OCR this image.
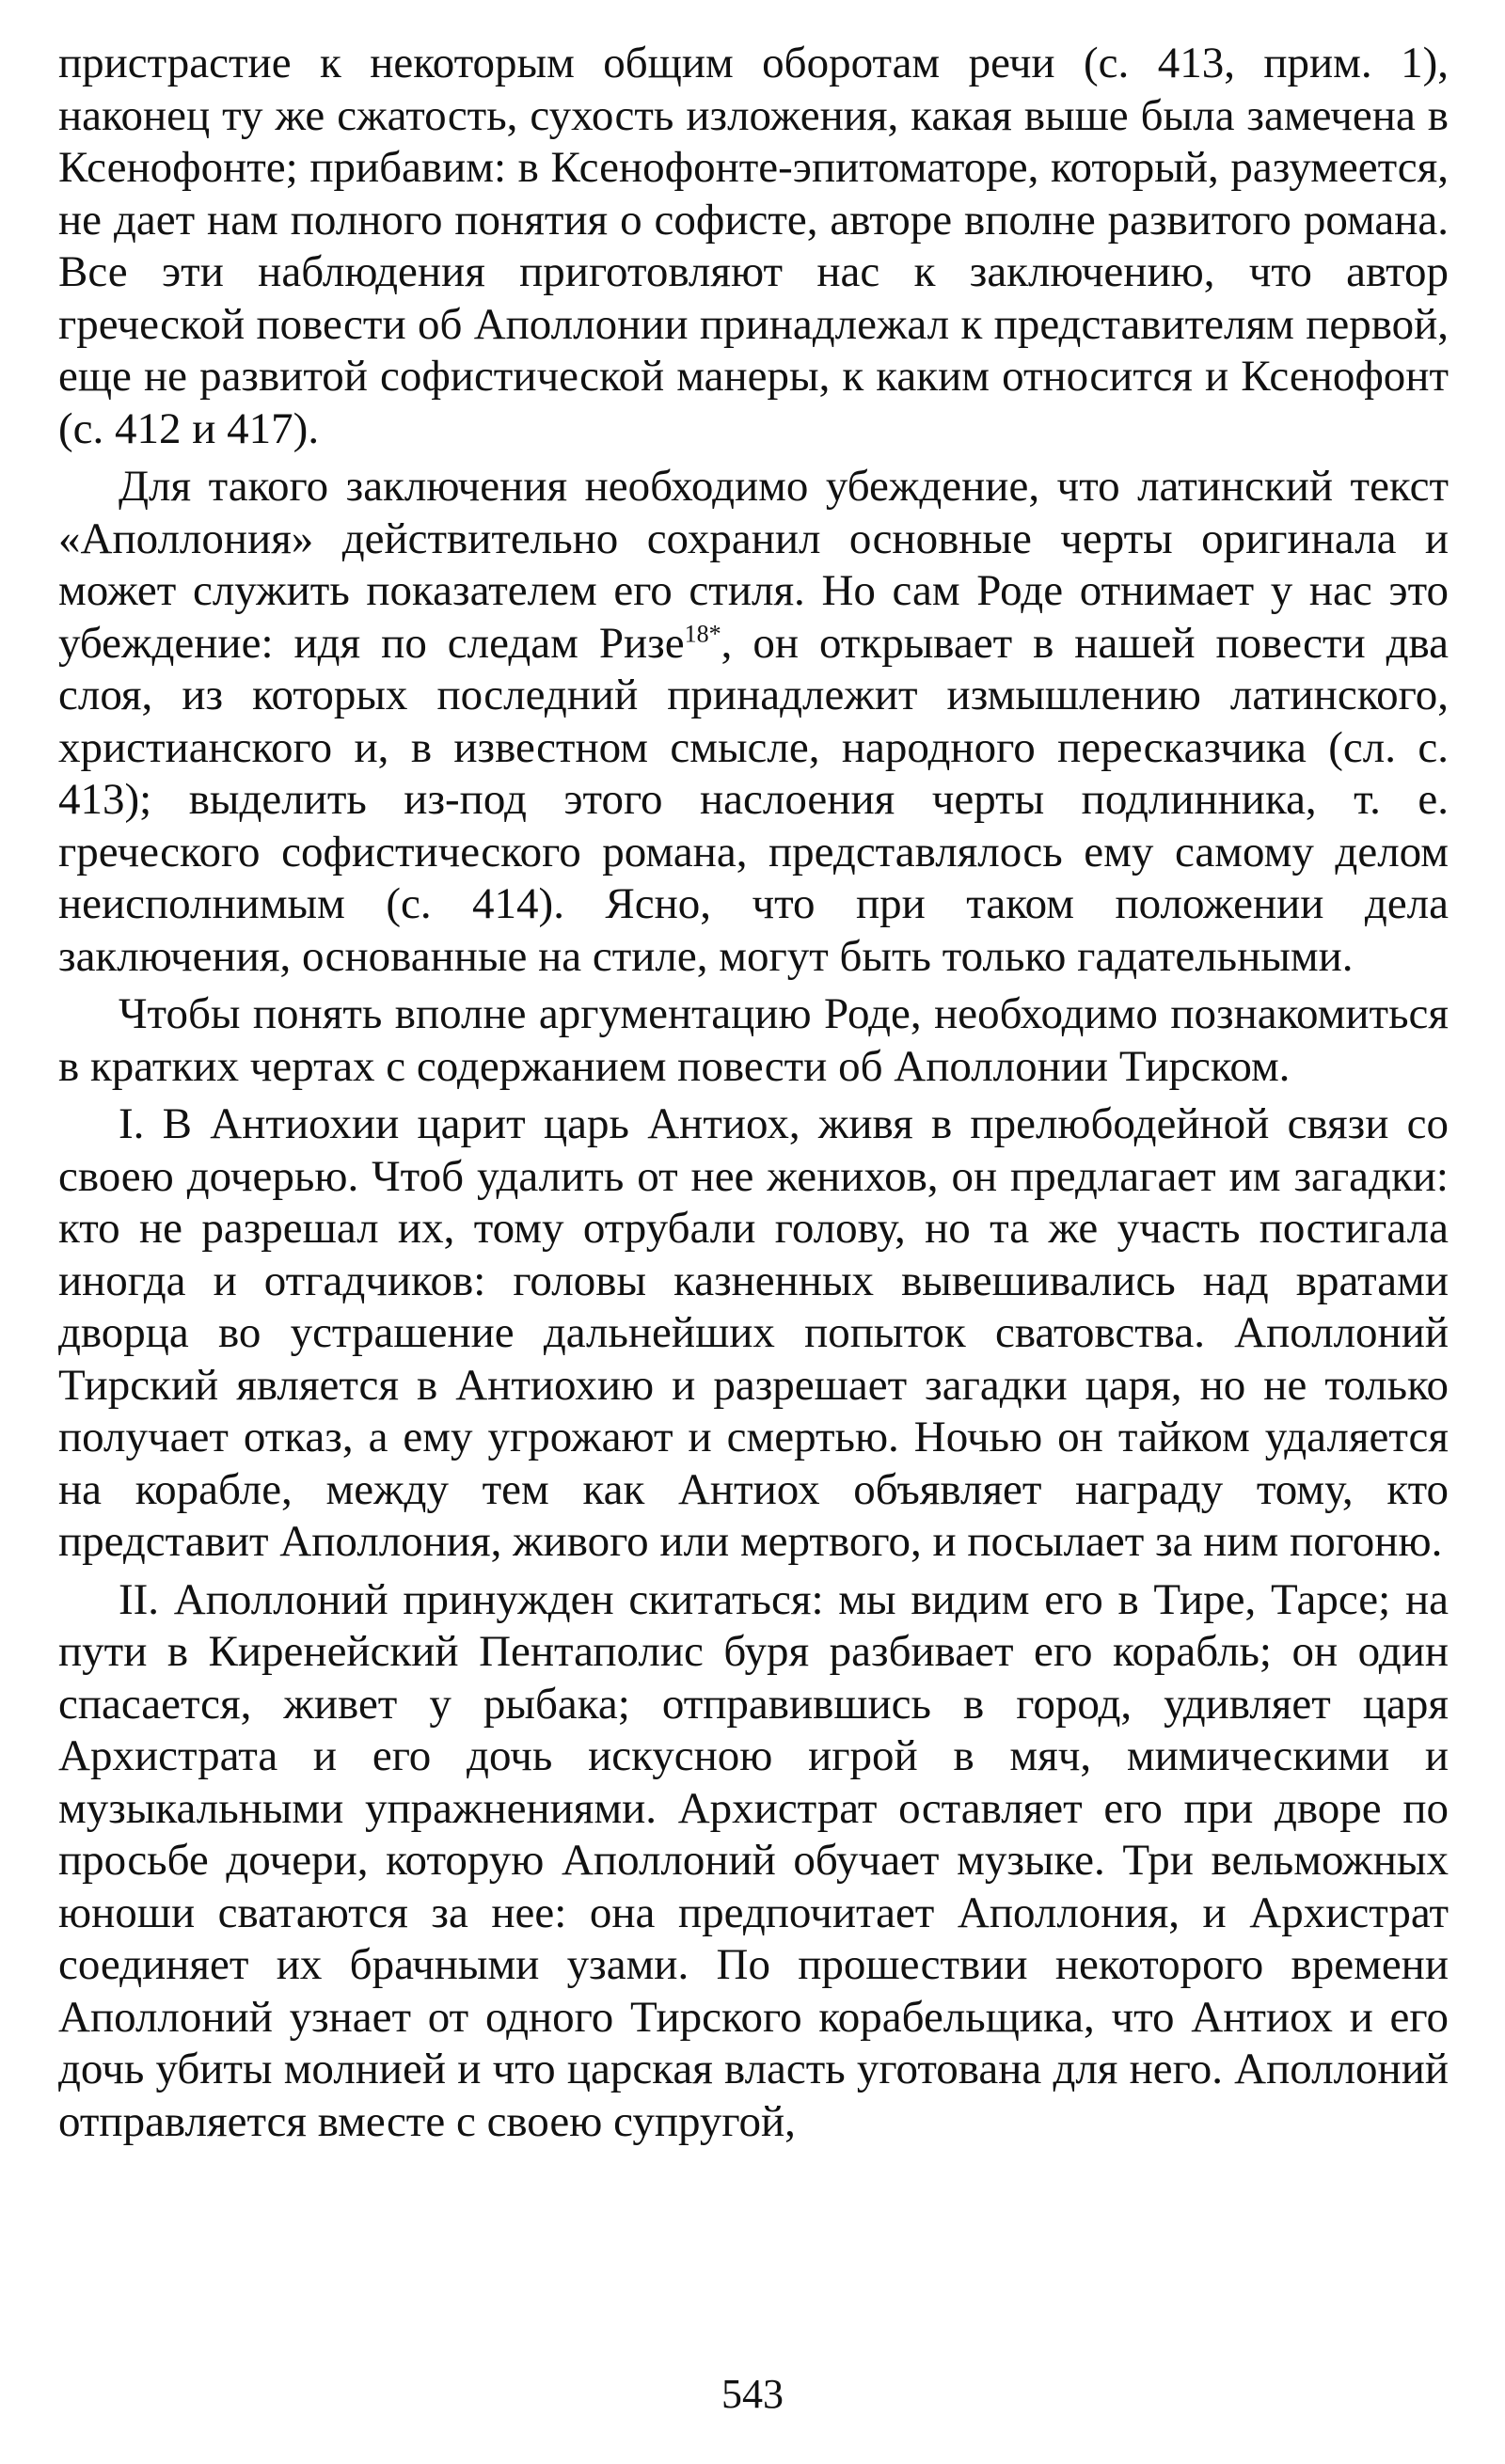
пристрастие к некоторым общим оборотам речи (с. 413, прим. 1), наконец ту же сжатость, сухость изложения, какая выше была замечена в Ксенофонте; прибавим: в Ксенофонте-эпитоматоре, который, разумеется, не дает нам полного понятия о софисте, авторе вполне развитого романа. Все эти наблюдения приготовляют нас к заключению, что автор греческой повести об Аполлонии принадлежал к представителям первой, еще не развитой софистической манеры, к каким относится и Ксенофонт (с. 412 и 417).

Для такого заключения необходимо убеждение, что латинский текст «Аполлония» действительно сохранил основные черты оригинала и может служить показателем его стиля. Но сам Роде отнимает у нас это убеждение: идя по следам Ризе$^{18*}$, он открывает в нашей повести два слоя, из которых последний принадлежит измышлению латинского, христианского и, в известном смысле, народного пересказчика (сл. с. 413); выделить из-под этого наслоения черты подлинника, т. е. греческого софистического романа, представлялось ему самому делом неисполнимым (с. 414). Ясно, что при таком положении дела заключения, основанные на стиле, могут быть только гадательными.

Чтобы понять вполне аргументацию Роде, необходимо познакомиться в кратких чертах с содержанием повести об Аполлонии Тирском.

I. В Антиохии царит царь Антиох, живя в прелюбодейной связи со своею дочерью. Чтоб удалить от нее женихов, он предлагает им загадки: кто не разрешал их, тому отрубали голову, но та же участь постигала иногда и отгадчиков: головы казненных вывешивались над вратами дворца во устрашение дальнейших попыток сватовства. Аполлоний Тирский является в Антиохию и разрешает загадки царя, но не только получает отказ, а ему угрожают и смертью. Ночью он тайком удаляется на корабле, между тем как Антиох объявляет награду тому, кто представит Аполлония, живого или мертвого, и посылает за ним погоню.

II. Аполлоний принужден скитаться: мы видим его в Тире, Тарсе; на пути в Киренейский Пентаполис буря разбивает его корабль; он один спасается, живет у рыбака; отправившись в город, удивляет царя Архистрата и его дочь искусною игрой в мяч, мимическими и музыкальными упражнениями. Архистрат оставляет его при дворе по просьбе дочери, которую Аполлоний обучает музыке. Три вельможных юноши сватаются за нее: она предпочитает Аполлония, и Архистрат соединяет их брачными узами. По прошествии некоторого времени Аполлоний узнает от одного Тирского корабельщика, что Антиох и его дочь убиты молнией и что царская власть уготована для него. Аполлоний отправляется вместе с своею супругой,

543
